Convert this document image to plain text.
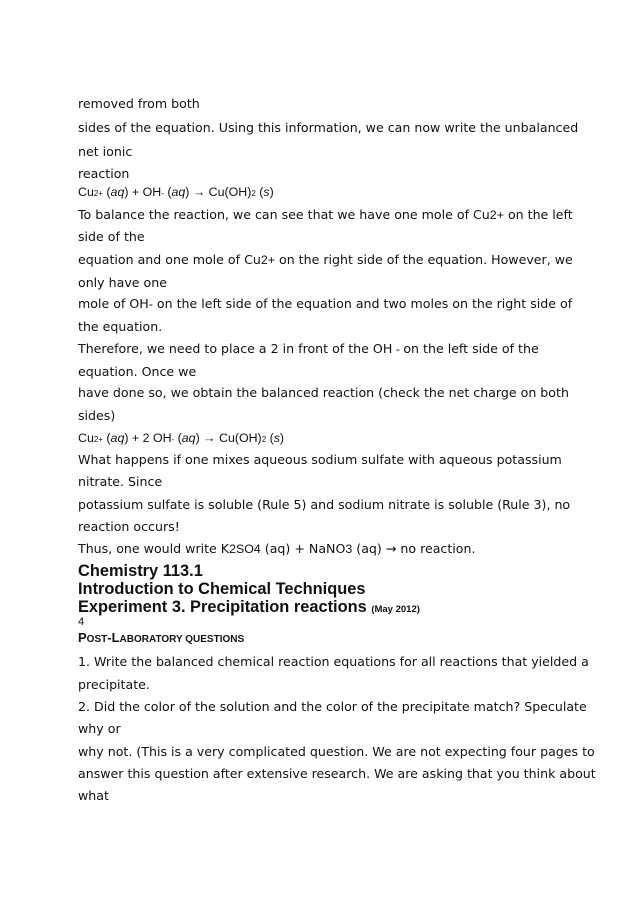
removed from both
sides of the equation. Using this information, we can now write the unbalanced
net ionic
reaction
Cu2+ (aq) + OH- (aq) → Cu(OH)2 (s)
To balance the reaction, we can see that we have one mole of Cu2+ on the left
side of the
equation and one mole of Cu2+ on the right side of the equation. However, we
only have one
mole of OH- on the left side of the equation and two moles on the right side of
the equation.
Therefore, we need to place a 2 in front of the OH - on the left side of the
equation. Once we
have done so, we obtain the balanced reaction (check the net charge on both
sides)
Cu2+ (aq) + 2 OH- (aq) → Cu(OH)2 (s)
What happens if one mixes aqueous sodium sulfate with aqueous potassium
nitrate. Since
potassium sulfate is soluble (Rule 5) and sodium nitrate is soluble (Rule 3), no
reaction occurs!
Thus, one would write K2SO4 (aq) + NaNO3 (aq) → no reaction.
Chemistry 113.1
Introduction to Chemical Techniques
Experiment 3. Precipitation reactions (May 2012)
4
POST-LABORATORY QUESTIONS
1. Write the balanced chemical reaction equations for all reactions that yielded a
precipitate.
2. Did the color of the solution and the color of the precipitate match? Speculate
why or
why not. (This is a very complicated question. We are not expecting four pages to
answer this question after extensive research. We are asking that you think about
what
